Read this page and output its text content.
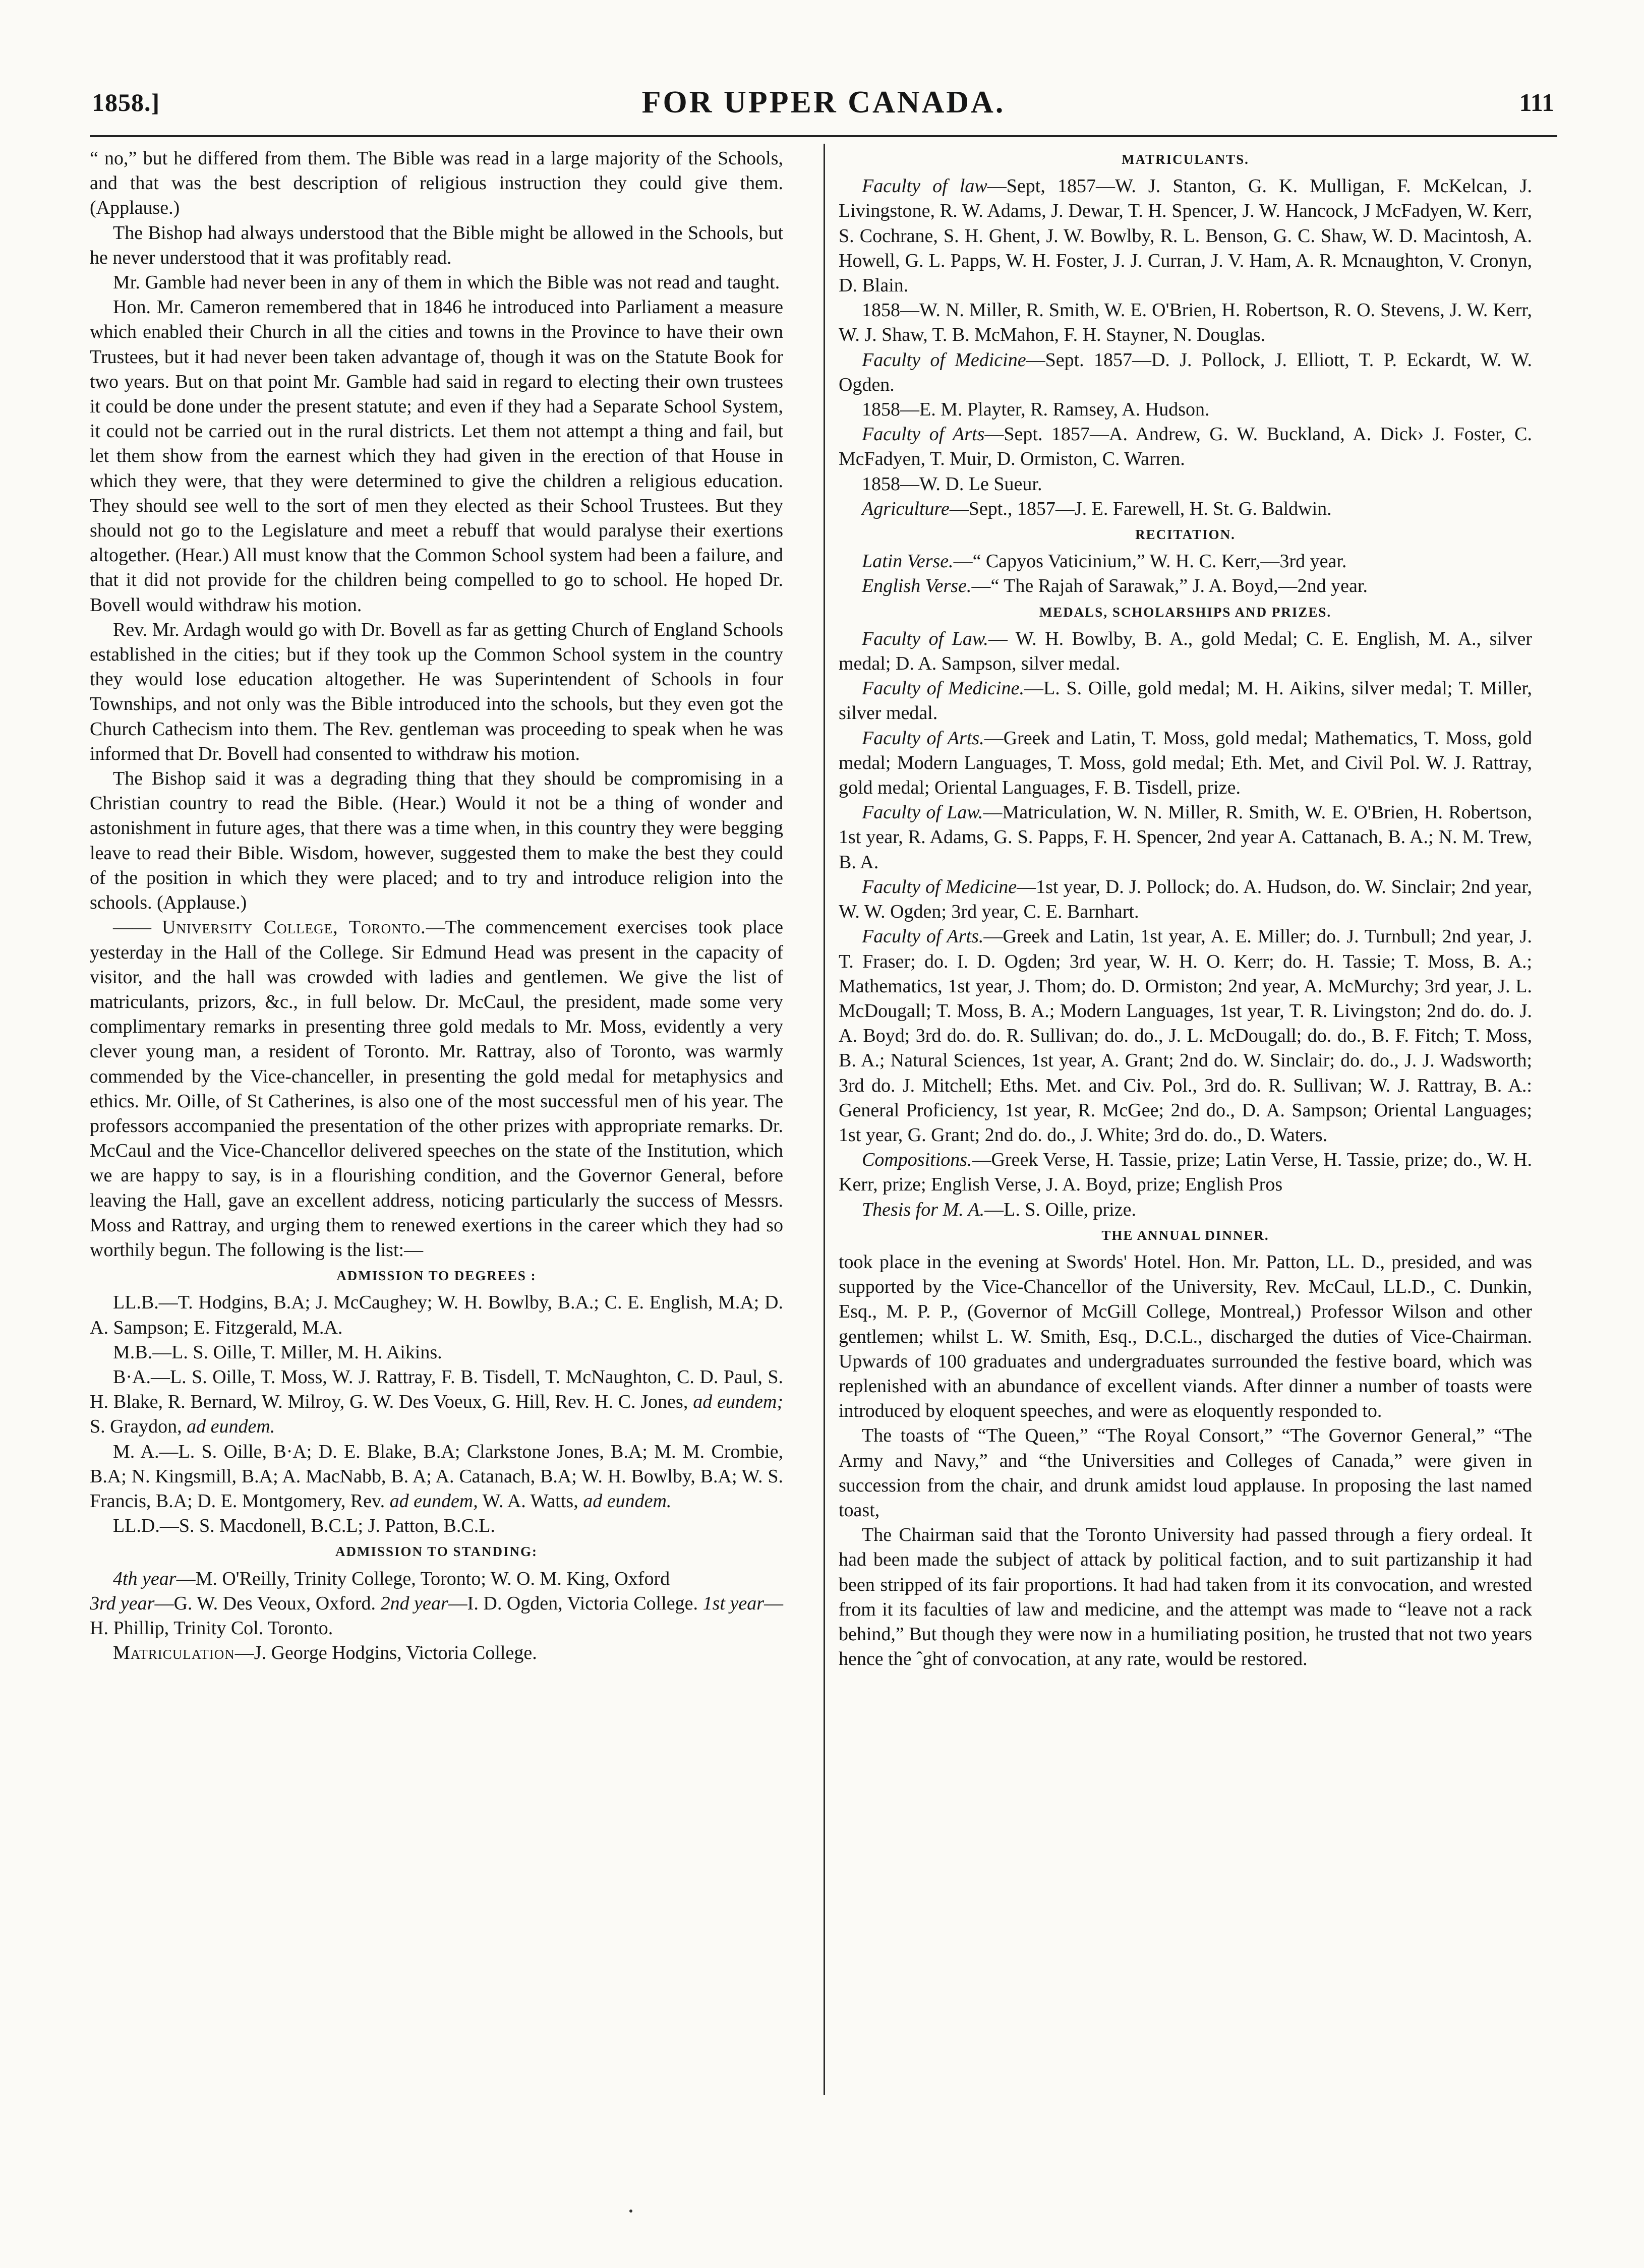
1858.]	FOR UPPER CANADA.	111

“ no,” but he differed from them. The Bible was read in a large majority of the Schools, and that was the best description of religious instruction they could give them. (Applause.)

The Bishop had always understood that the Bible might be allowed in the Schools, but he never understood that it was profitably read.

Mr. Gamble had never been in any of them in which the Bible was not read and taught.

Hon. Mr. Cameron remembered that in 1846 he introduced into Parliament a measure which enabled their Church in all the cities and towns in the Province to have their own Trustees, but it had never been taken advantage of, though it was on the Statute Book for two years. But on that point Mr. Gamble had said in regard to electing their own trustees it could be done under the present statute; and even if they had a Separate School System, it could not be carried out in the rural districts. Let them not attempt a thing and fail, but let them show from the earnest which they had given in the erection of that House in which they were, that they were determined to give the children a religious education. They should see well to the sort of men they elected as their School Trustees. But they should not go to the Legislature and meet a rebuff that would paralyse their exertions altogether. (Hear.) All must know that the Common School system had been a failure, and that it did not provide for the children being compelled to go to school. He hoped Dr. Bovell would withdraw his motion.

Rev. Mr. Ardagh would go with Dr. Bovell as far as getting Church of England Schools established in the cities; but if they took up the Common School system in the country they would lose education altogether. He was Superintendent of Schools in four Townships, and not only was the Bible introduced into the schools, but they even got the Church Cathecism into them. The Rev. gentleman was proceeding to speak when he was informed that Dr. Bovell had consented to withdraw his motion.

The Bishop said it was a degrading thing that they should be compromising in a Christian country to read the Bible. (Hear.) Would it not be a thing of wonder and astonishment in future ages, that there was a time when, in this country they were begging leave to read their Bible. Wisdom, however, suggested them to make the best they could of the position in which they were placed; and to try and introduce religion into the schools. (Applause.)

—— University College, Toronto.—The commencement exercises took place yesterday in the Hall of the College. Sir Edmund Head was present in the capacity of visitor, and the hall was crowded with ladies and gentlemen. We give the list of matriculants, prizors, &c., in full below. Dr. McCaul, the president, made some very complimentary remarks in presenting three gold medals to Mr. Moss, evidently a very clever young man, a resident of Toronto. Mr. Rattray, also of Toronto, was warmly commended by the Vice-chanceller, in presenting the gold medal for metaphysics and ethics. Mr. Oille, of St Catherines, is also one of the most successful men of his year. The professors accompanied the presentation of the other prizes with appropriate remarks. Dr. McCaul and the Vice-Chancellor delivered speeches on the state of the Institution, which we are happy to say, is in a flourishing condition, and the Governor General, before leaving the Hall, gave an excellent address, noticing particularly the success of Messrs. Moss and Rattray, and urging them to renewed exertions in the career which they had so worthily begun. The following is the list:—

ADMISSION TO DEGREES :

LL.B.—T. Hodgins, B.A; J. McCaughey; W. H. Bowlby, B.A.; C. E. English, M.A; D. A. Sampson; E. Fitzgerald, M.A.

M.B.—L. S. Oille, T. Miller, M. H. Aikins.

B·A.—L. S. Oille, T. Moss, W. J. Rattray, F. B. Tisdell, T. McNaughton, C. D. Paul, S. H. Blake, R. Bernard, W. Milroy, G. W. Des Voeux, G. Hill, Rev. H. C. Jones, ad eundem; S. Graydon, ad eundem.

M. A.—L. S. Oille, B·A; D. E. Blake, B.A; Clarkstone Jones, B.A; M. M. Crombie, B.A; N. Kingsmill, B.A; A. MacNabb, B. A; A. Catanach, B.A; W. H. Bowlby, B.A; W. S. Francis, B.A; D. E. Montgomery, Rev. ad eundem, W. A. Watts, ad eundem.

LL.D.—S. S. Macdonell, B.C.L; J. Patton, B.C.L.

ADMISSION TO STANDING:

4th year—M. O'Reilly, Trinity College, Toronto; W. O. M. King, Oxford
3rd year—G. W. Des Veoux, Oxford. 2nd year—I. D. Ogden, Victoria College. 1st year—H. Phillip, Trinity Col. Toronto.

Matriculation—J. George Hodgins, Victoria College.

MATRICULANTS.

Faculty of law—Sept, 1857—W. J. Stanton, G. K. Mulligan, F. McKelcan, J. Livingstone, R. W. Adams, J. Dewar, T. H. Spencer, J. W. Hancock, J McFadyen, W. Kerr, S. Cochrane, S. H. Ghent, J. W. Bowlby, R. L. Benson, G. C. Shaw, W. D. Macintosh, A. Howell, G. L. Papps, W. H. Foster, J. J. Curran, J. V. Ham, A. R. Mcnaughton, V. Cronyn, D. Blain.

1858—W. N. Miller, R. Smith, W. E. O'Brien, H. Robertson, R. O. Stevens, J. W. Kerr, W. J. Shaw, T. B. McMahon, F. H. Stayner, N. Douglas.

Faculty of Medicine—Sept. 1857—D. J. Pollock, J. Elliott, T. P. Eckardt, W. W. Ogden.

1858—E. M. Playter, R. Ramsey, A. Hudson.

Faculty of Arts—Sept. 1857—A. Andrew, G. W. Buckland, A. Dick› J. Foster, C. McFadyen, T. Muir, D. Ormiston, C. Warren.

1858—W. D. Le Sueur.

Agriculture—Sept., 1857—J. E. Farewell, H. St. G. Baldwin.

RECITATION.

Latin Verse.—“ Capyos Vaticinium,” W. H. C. Kerr,—3rd year.

English Verse.—“ The Rajah of Sarawak,” J. A. Boyd,—2nd year.

MEDALS, SCHOLARSHIPS AND PRIZES.

Faculty of Law.— W. H. Bowlby, B. A., gold Medal; C. E. English, M. A., silver medal; D. A. Sampson, silver medal.

Faculty of Medicine.—L. S. Oille, gold medal; M. H. Aikins, silver medal; T. Miller, silver medal.

Faculty of Arts.—Greek and Latin, T. Moss, gold medal; Mathematics, T. Moss, gold medal; Modern Languages, T. Moss, gold medal; Eth. Met, and Civil Pol. W. J. Rattray, gold medal; Oriental Languages, F. B. Tisdell, prize.

Faculty of Law.—Matriculation, W. N. Miller, R. Smith, W. E. O'Brien, H. Robertson, 1st year, R. Adams, G. S. Papps, F. H. Spencer, 2nd year A. Cattanach, B. A.; N. M. Trew, B. A.

Faculty of Medicine—1st year, D. J. Pollock; do. A. Hudson, do. W. Sinclair; 2nd year, W. W. Ogden; 3rd year, C. E. Barnhart.

Faculty of Arts.—Greek and Latin, 1st year, A. E. Miller; do. J. Turnbull; 2nd year, J. T. Fraser; do. I. D. Ogden; 3rd year, W. H. O. Kerr; do. H. Tassie; T. Moss, B. A.; Mathematics, 1st year, J. Thom; do. D. Ormiston; 2nd year, A. McMurchy; 3rd year, J. L. McDougall; T. Moss, B. A.; Modern Languages, 1st year, T. R. Livingston; 2nd do. do. J. A. Boyd; 3rd do. do. R. Sullivan; do. do., J. L. McDougall; do. do., B. F. Fitch; T. Moss, B. A.; Natural Sciences, 1st year, A. Grant; 2nd do. W. Sinclair; do. do., J. J. Wadsworth; 3rd do. J. Mitchell; Eths. Met. and Civ. Pol., 3rd do. R. Sullivan; W. J. Rattray, B. A.: General Proficiency, 1st year, R. McGee; 2nd do., D. A. Sampson; Oriental Languages; 1st year, G. Grant; 2nd do. do., J. White; 3rd do. do., D. Waters.

Compositions.—Greek Verse, H. Tassie, prize; Latin Verse, H. Tassie, prize; do., W. H. Kerr, prize; English Verse, J. A. Boyd, prize; English Pros

Thesis for M. A.—L. S. Oille, prize.

THE ANNUAL DINNER.

took place in the evening at Swords' Hotel. Hon. Mr. Patton, LL. D., presided, and was supported by the Vice-Chancellor of the University, Rev. McCaul, LL.D., C. Dunkin, Esq., M. P. P., (Governor of McGill College, Montreal,) Professor Wilson and other gentlemen; whilst L. W. Smith, Esq., D.C.L., discharged the duties of Vice-Chairman. Upwards of 100 graduates and undergraduates surrounded the festive board, which was replenished with an abundance of excellent viands. After dinner a number of toasts were introduced by eloquent speeches, and were as eloquently responded to.

The toasts of “The Queen,” “The Royal Consort,” “The Governor General,” “The Army and Navy,” and “the Universities and Colleges of Canada,” were given in succession from the chair, and drunk amidst loud applause. In proposing the last named toast,

The Chairman said that the Toronto University had passed through a fiery ordeal. It had been made the subject of attack by political faction, and to suit partizanship it had been stripped of its fair proportions. It had had taken from it its convocation, and wrested from it its faculties of law and medicine, and the attempt was made to “leave not a rack behind,” But though they were now in a humiliating position, he trusted that not two years hence the ˆght of convocation, at any rate, would be restored.
